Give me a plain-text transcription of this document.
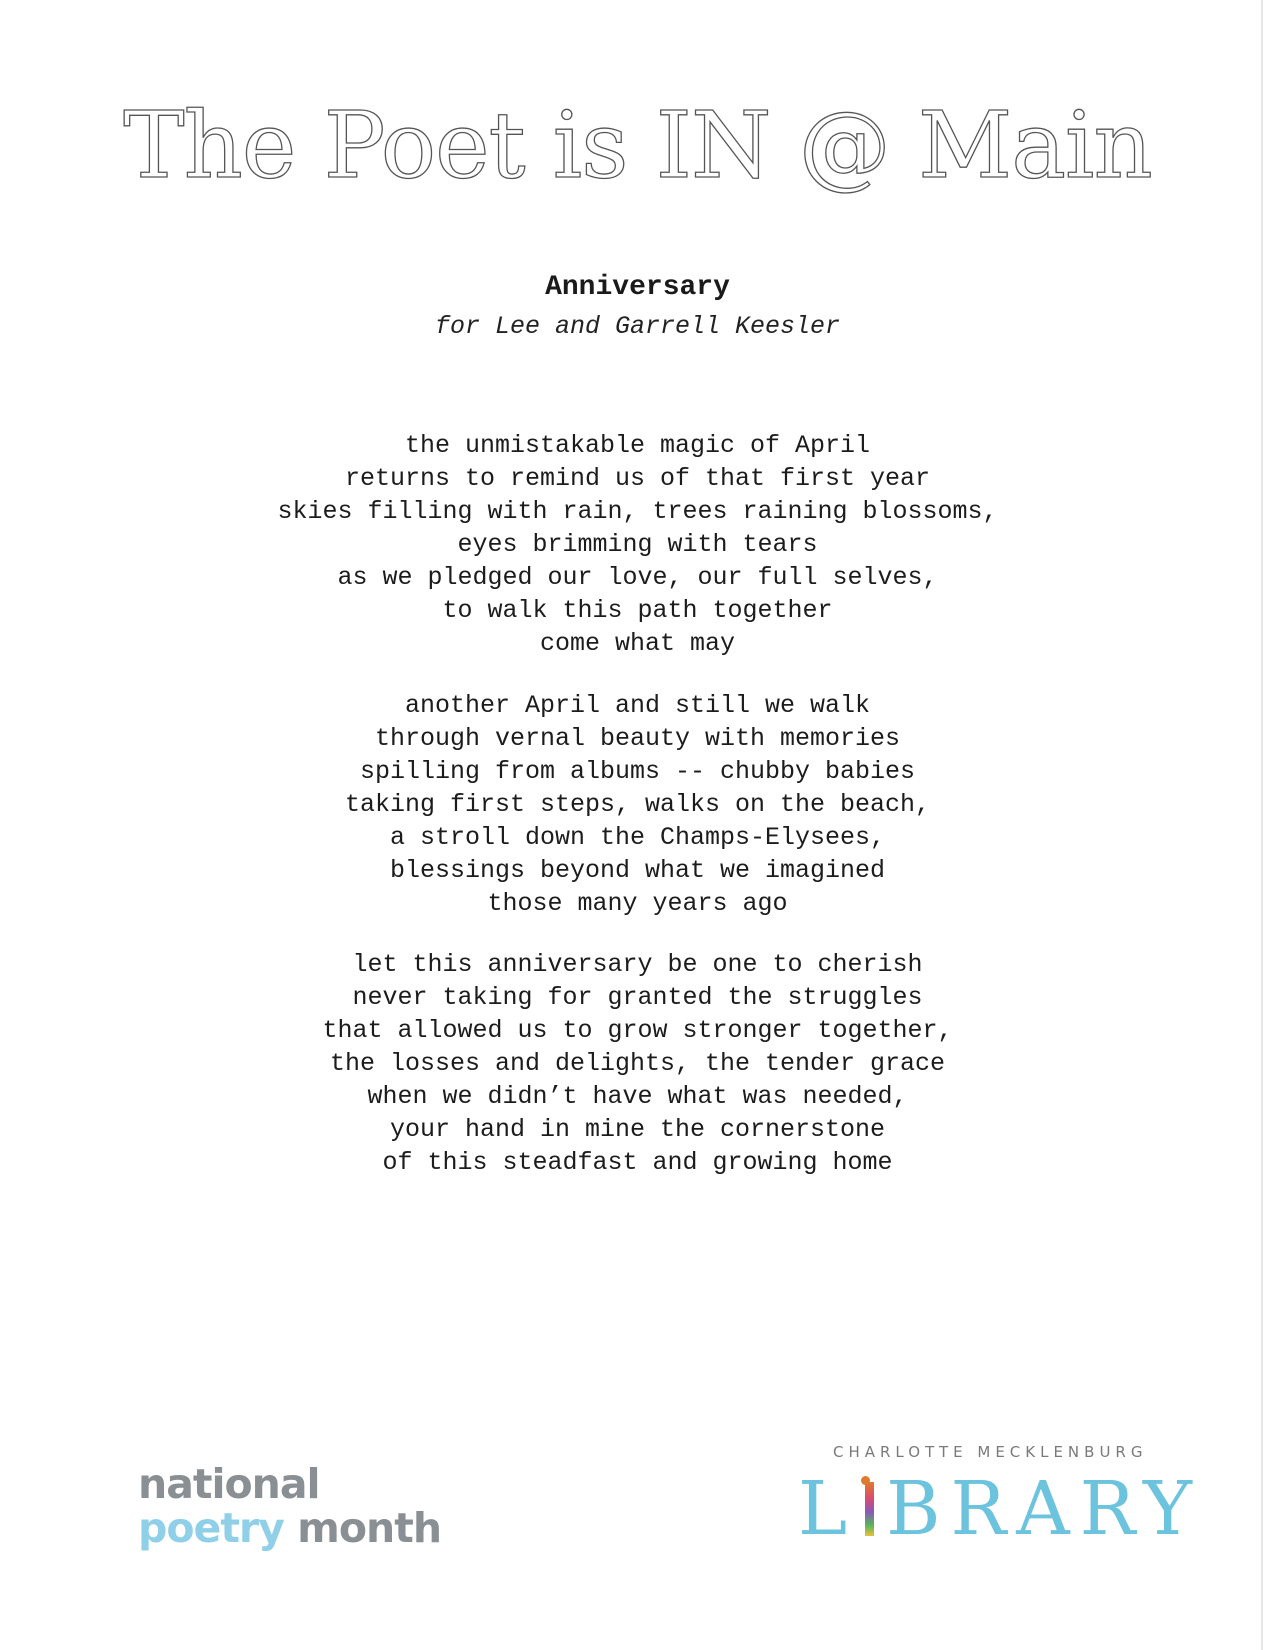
The Poet is IN @ Main
Anniversary
for Lee and Garrell Keesler
the unmistakable magic of April
returns to remind us of that first year
skies filling with rain, trees raining blossoms,
eyes brimming with tears
as we pledged our love, our full selves,
to walk this path together
come what may
another April and still we walk
through vernal beauty with memories
spilling from albums -- chubby babies
taking first steps, walks on the beach,
a stroll down the Champs-Elysees,
blessings beyond what we imagined
those many years ago
let this anniversary be one to cherish
never taking for granted the struggles
that allowed us to grow stronger together,
the losses and delights, the tender grace
when we didn’t have what was needed,
your hand in mine the cornerstone
of this steadfast and growing home
national
poetry month
CHARLOTTE MECKLENBURG
L BRARY
